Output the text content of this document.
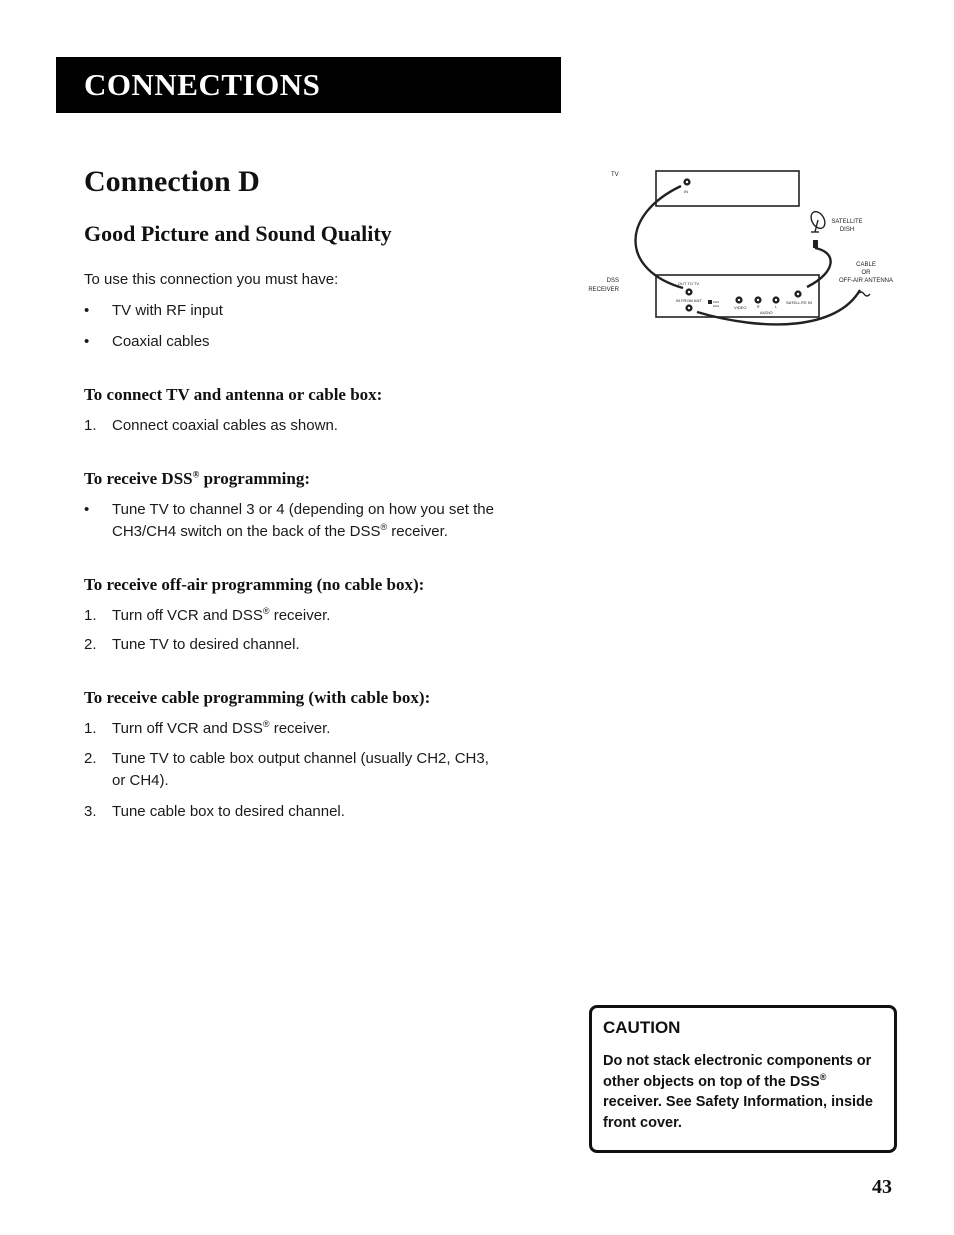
CONNECTIONS
Connection D
Good Picture and Sound Quality

To use this connection you must have:

•	TV with RF input
•	Coaxial cables
To connect TV and antenna or cable box:
1.	Connect coaxial cables as shown.
To receive DSS® programming:
•	Tune TV to channel 3 or 4 (depending on how you set the CH3/CH4 switch on the back of the DSS® receiver.
To receive off-air programming (no cable box):
1.	Turn off VCR and DSS® receiver.
2.	Tune TV to desired channel.
To receive cable programming (with cable box):
1.	Turn off VCR and DSS® receiver.
2.	Tune TV to cable box output channel (usually CH2, CH3, or CH4).
3.	Tune cable box to desired channel.
TV
IN
DSS
RECEIVER
OUT TO TV
IN FROM ANT	CH3
CH4	VIDEO	R	L
AUDIO
SATELLITE IN
SATELLITE
DISH
CABLE
OR
OFF-AIR ANTENNA
CAUTION

Do not stack electronic components or other objects on top of the DSS® receiver. See Safety Information, inside front cover.

43
